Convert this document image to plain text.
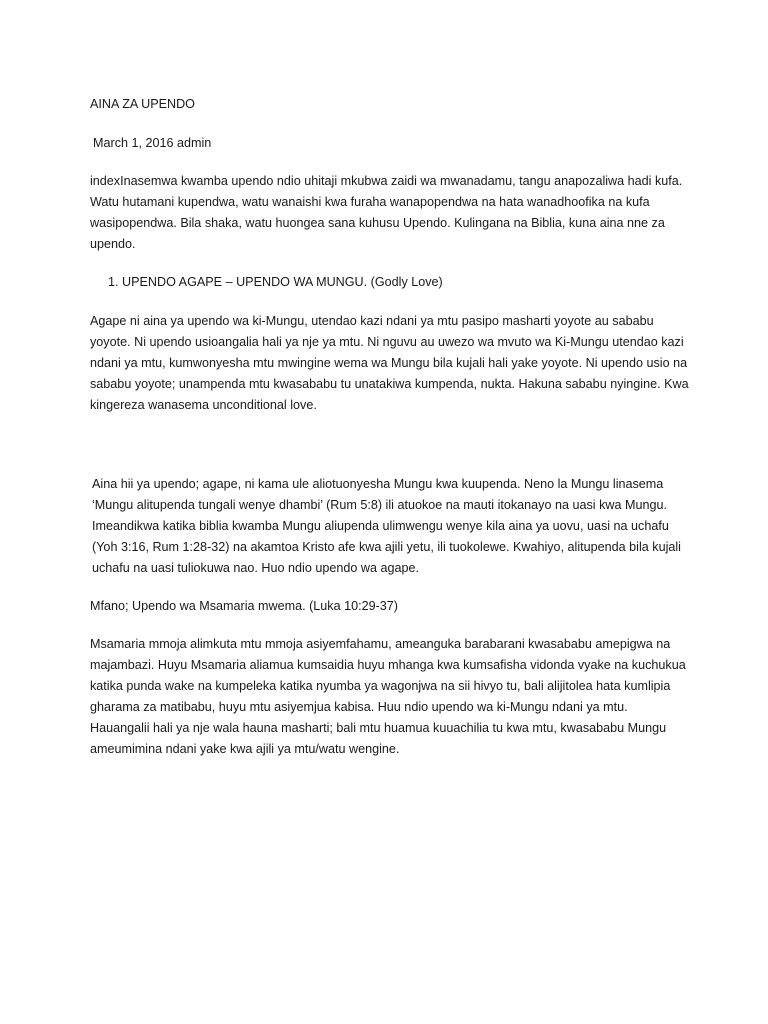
AINA ZA UPENDO

March 1, 2016 admin

indexInasemwa kwamba upendo ndio uhitaji mkubwa zaidi wa mwanadamu, tangu anapozaliwa hadi kufa. Watu hutamani kupendwa, watu wanaishi kwa furaha wanapopendwa na hata wanadhoofika na kufa wasipopendwa. Bila shaka, watu huongea sana kuhusu Upendo. Kulingana na Biblia, kuna aina nne za upendo.

1. UPENDO AGAPE – UPENDO WA MUNGU. (Godly Love)

Agape ni aina ya upendo wa ki-Mungu, utendao kazi ndani ya mtu pasipo masharti yoyote au sababu yoyote. Ni upendo usioangalia hali ya nje ya mtu. Ni nguvu au uwezo wa mvuto wa Ki-Mungu utendao kazi ndani ya mtu, kumwonyesha mtu mwingine wema wa Mungu bila kujali hali yake yoyote. Ni upendo usio na sababu yoyote; unampenda mtu kwasababu tu unatakiwa kumpenda, nukta. Hakuna sababu nyingine. Kwa kingereza wanasema unconditional love.

Aina hii ya upendo; agape, ni kama ule aliotuonyesha Mungu kwa kuupenda. Neno la Mungu linasema ‘Mungu alitupenda tungali wenye dhambi’ (Rum 5:8) ili atuokoe na mauti itokanayo na uasi kwa Mungu. Imeandikwa katika biblia kwamba Mungu aliupenda ulimwengu wenye kila aina ya uovu, uasi na uchafu (Yoh 3:16, Rum 1:28-32) na akamtoa Kristo afe kwa ajili yetu, ili tuokolewe. Kwahiyo, alitupenda bila kujali uchafu na uasi tuliokuwa nao. Huo ndio upendo wa agape.

Mfano; Upendo wa Msamaria mwema. (Luka 10:29-37)

Msamaria mmoja alimkuta mtu mmoja asiyemfahamu, ameanguka barabarani kwasababu amepigwa na majambazi. Huyu Msamaria aliamua kumsaidia huyu mhanga kwa kumsafisha vidonda vyake na kuchukua katika punda wake na kumpeleka katika nyumba ya wagonjwa na sii hivyo tu, bali alijitolea hata kumlipia gharama za matibabu, huyu mtu asiyemjua kabisa. Huu ndio upendo wa ki-Mungu ndani ya mtu. Hauangalii hali ya nje wala hauna masharti; bali mtu huamua kuuachilia tu kwa mtu, kwasababu Mungu ameumimina ndani yake kwa ajili ya mtu/watu wengine.
